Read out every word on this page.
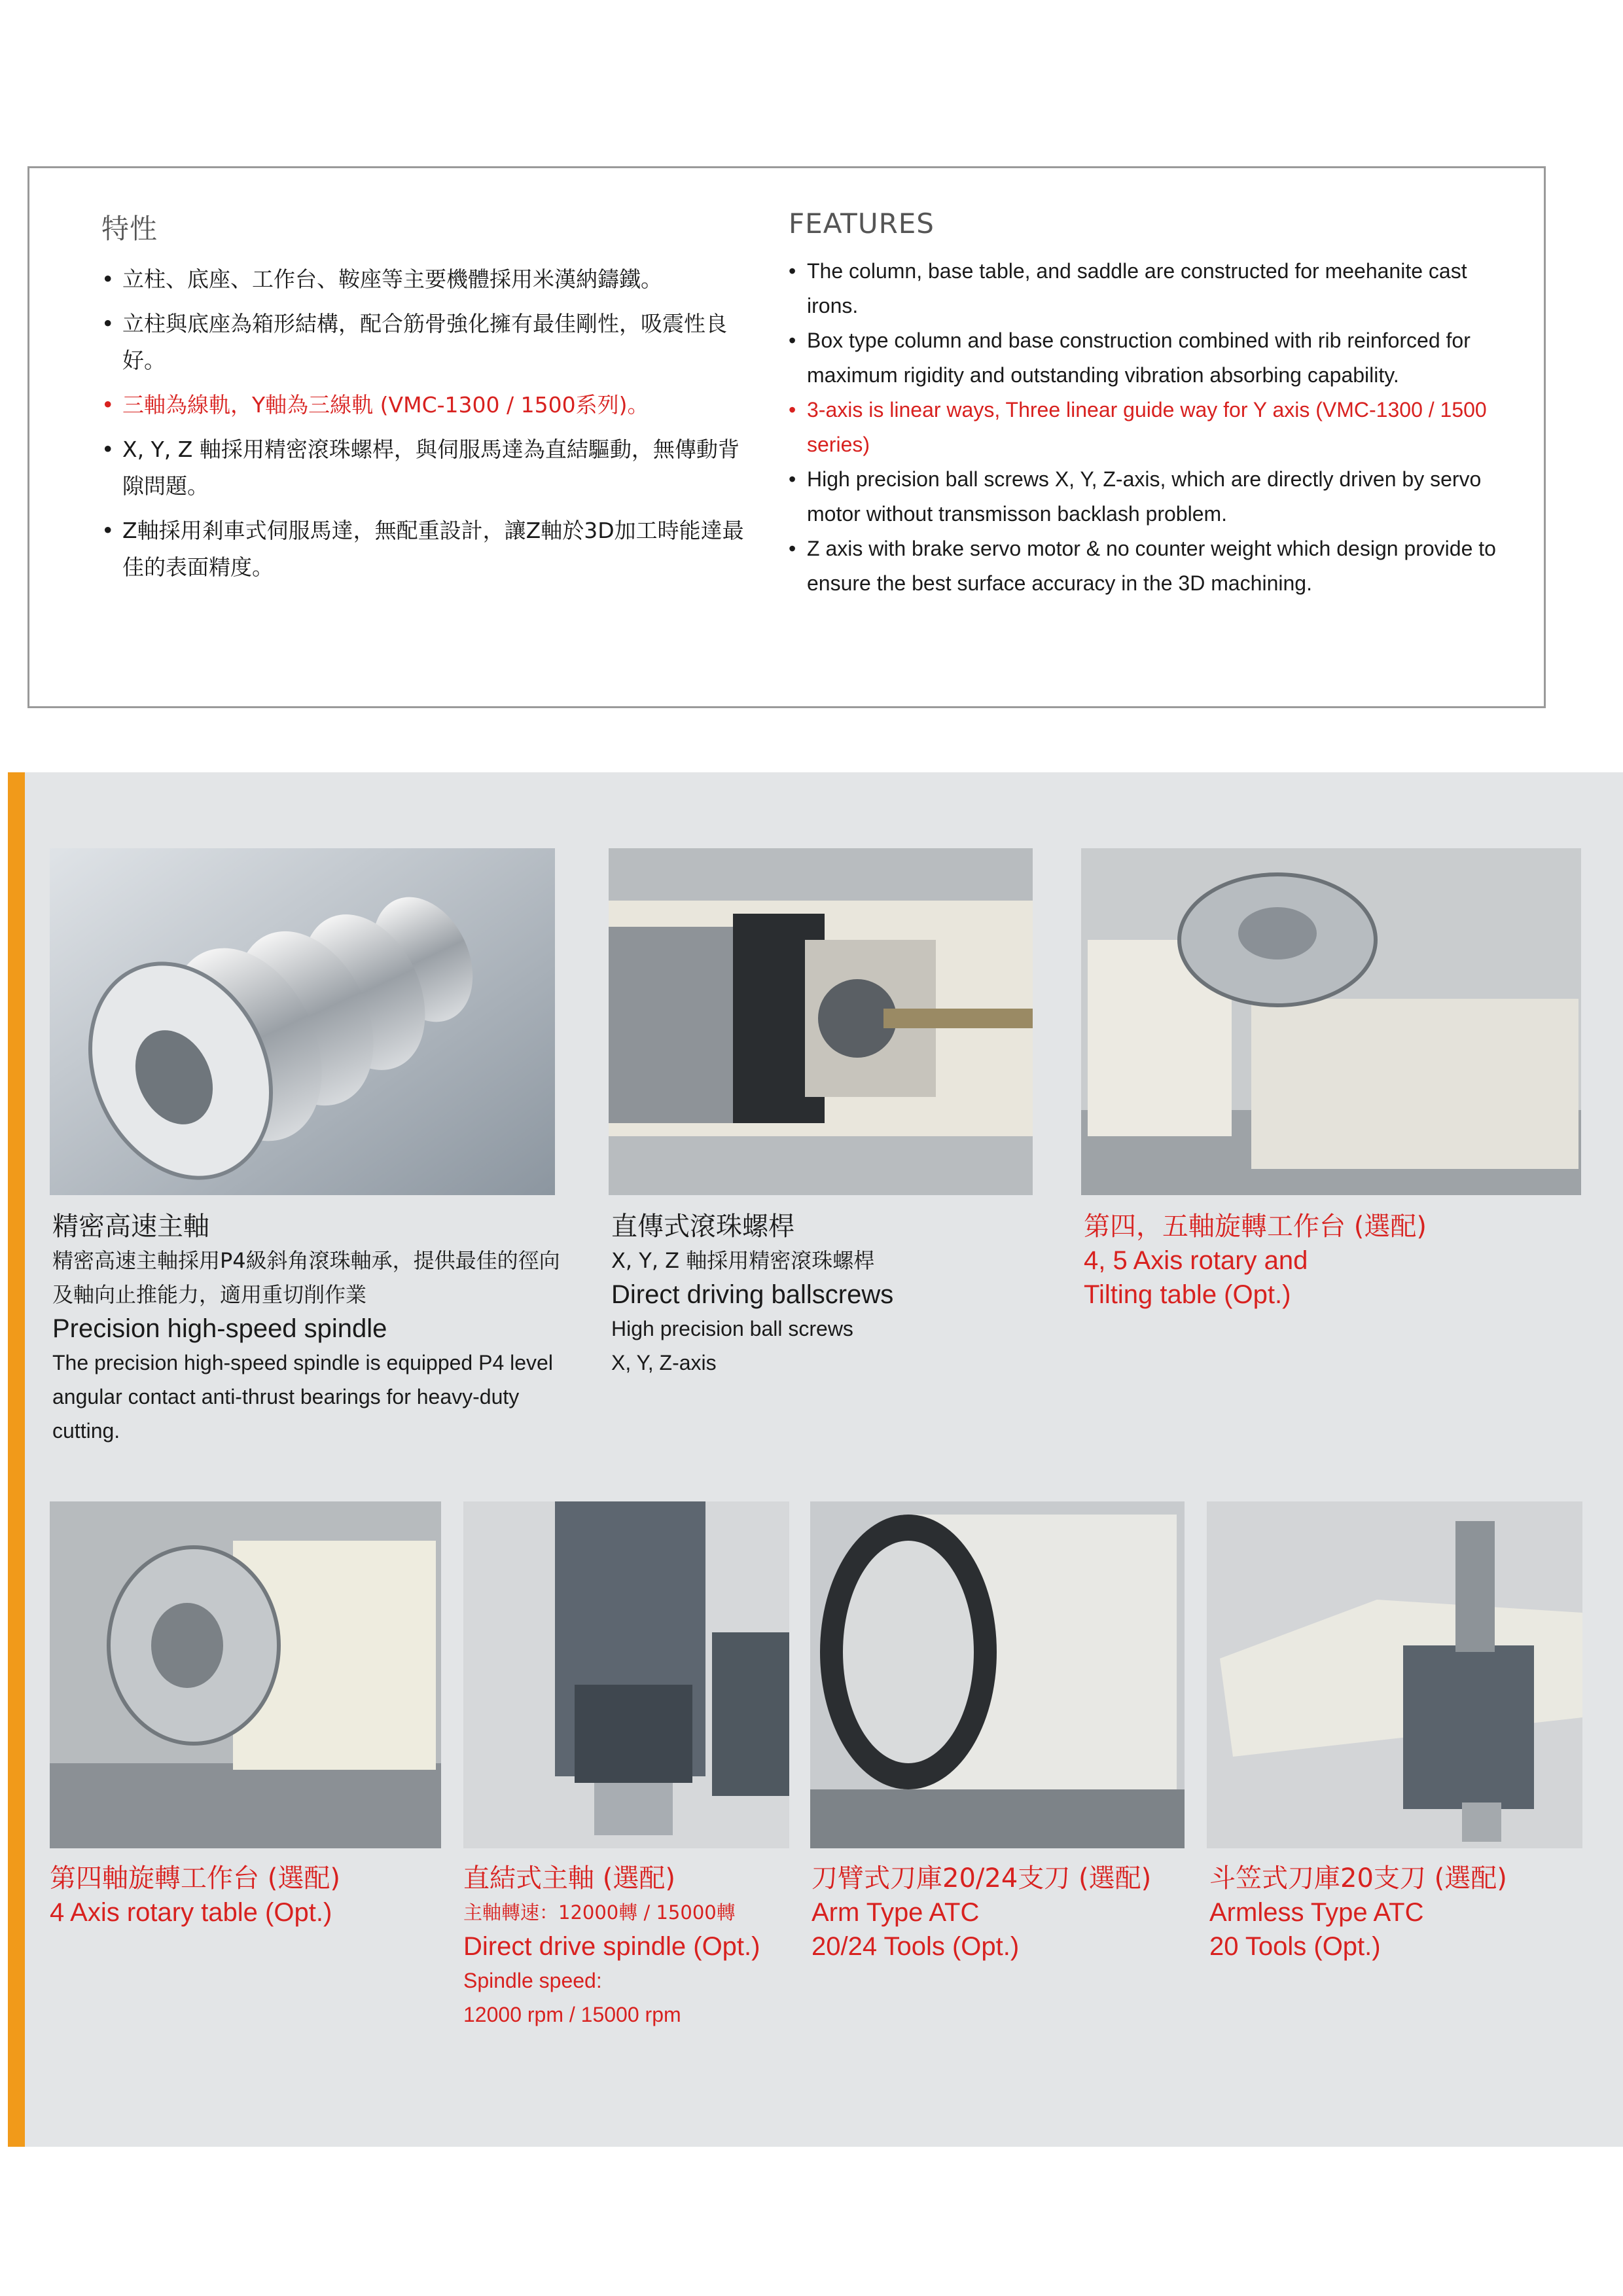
特性
• 立柱、底座、工作台、鞍座等主要機體採用米漢納鑄鐵。
• 立柱與底座為箱形結構，配合筋骨強化擁有最佳剛性，吸震性良好。
• 三軸為線軌，Y軸為三線軌 (VMC-1300 / 1500系列)。
• X, Y, Z 軸採用精密滾珠螺桿，與伺服馬達為直結驅動，無傳動背隙問題。
• Z軸採用剎車式伺服馬達，無配重設計，讓Z軸於3D加工時能達最佳的表面精度。
FEATURES
• The column, base table, and saddle are constructed for meehanite cast irons.
• Box type column and base construction combined with rib reinforced for maximum rigidity and outstanding vibration absorbing capability.
• 3-axis is linear ways, Three linear guide way for Y axis (VMC-1300 / 1500 series)
• High precision ball screws X, Y, Z-axis, which are directly driven by servo motor without transmisson backlash problem.
• Z axis with brake servo motor & no counter weight which design provide to ensure the best surface accuracy in the 3D machining.
精密高速主軸
精密高速主軸採用P4級斜角滾珠軸承，提供最佳的徑向及軸向止推能力，適用重切削作業
Precision high-speed spindle
The precision high-speed spindle is equipped P4 level angular contact anti-thrust bearings for heavy-duty cutting.
直傳式滾珠螺桿
X, Y, Z 軸採用精密滾珠螺桿
Direct driving ballscrews
High precision ball screws
X, Y, Z-axis
第四，五軸旋轉工作台 (選配)
4, 5 Axis rotary and
Tilting table (Opt.)
第四軸旋轉工作台 (選配)
4 Axis rotary table (Opt.)
直結式主軸 (選配)
主軸轉速：12000轉 / 15000轉
Direct drive spindle (Opt.)
Spindle speed:
12000 rpm / 15000 rpm
刀臂式刀庫20/24支刀 (選配)
Arm Type ATC
20/24 Tools (Opt.)
斗笠式刀庫20支刀 (選配)
Armless Type ATC
20 Tools (Opt.)
